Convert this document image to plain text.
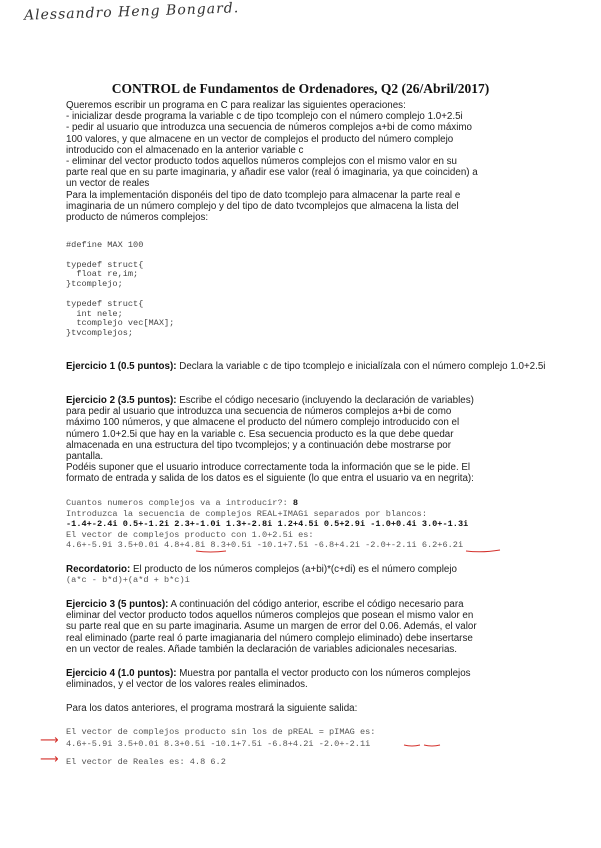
Alessandro Heng Bongard.
CONTROL de Fundamentos de Ordenadores, Q2 (26/Abril/2017)

Queremos escribir un programa en C para realizar las siguientes operaciones:

- inicializar desde programa la variable c de tipo tcomplejo con el número complejo 1.0+2.5i

- pedir al usuario que introduzca una secuencia de números complejos a+bi de como máximo

100 valores, y que almacene en un vector de complejos el producto del número complejo

introducido con el almacenado en la anterior variable c

- eliminar del vector producto todos aquellos números complejos con el mismo valor en su

parte real que en su parte imaginaria, y añadir ese valor (real ó imaginaria, ya que coinciden) a

un vector de reales

Para la implementación disponéis del tipo de dato tcomplejo para almacenar la parte real e

imaginaria de un número complejo y del tipo de dato tvcomplejos que almacena la lista del

producto de números complejos:

#define MAX 100

typedef struct{
float re,im;
}tcomplejo;

typedef struct{
int nele;
tcomplejo vec[MAX];
}tvcomplejos;

Ejercicio 1 (0.5 puntos): Declara la variable c de tipo tcomplejo e inicialízala con el número complejo 1.0+2.5i

Ejercicio 2 (3.5 puntos): Escribe el código necesario (incluyendo la declaración de variables)

para pedir al usuario que introduzca una secuencia de números complejos a+bi de como

máximo 100 números, y que almacene el producto del número complejo introducido con el

número 1.0+2.5i que hay en la variable c. Esa secuencia producto es la que debe quedar

almacenada en una estructura del tipo tvcomplejos; y a continuación debe mostrarse por

pantalla.

Podéis suponer que el usuario introduce correctamente toda la información que se le pide. El

formato de entrada y salida de los datos es el siguiente (lo que entra el usuario va en negrita):

Cuantos numeros complejos va a introducir?: 8

Introduzca la secuencia de complejos REAL+IMAGi separados por blancos:

-1.4+-2.4i 0.5+-1.2i 2.3+-1.0i 1.3+-2.8i 1.2+4.5i 0.5+2.9i -1.0+0.4i 3.0+-1.3i

El vector de complejos producto con 1.0+2.5i es:

4.6+-5.9i 3.5+0.0i 4.8+4.8i 8.3+0.5i -10.1+7.5i -6.8+4.2i -2.0+-2.1i 6.2+6.2i

Recordatorio: El producto de los números complejos (a+bi)*(c+di) es el número complejo

(a*c - b*d)+(a*d + b*c)i

Ejercicio 3 (5 puntos): A continuación del código anterior, escribe el código necesario para

eliminar del vector producto todos aquellos números complejos que posean el mismo valor en

su parte real que en su parte imaginaria. Asume un margen de error del 0.06. Además, el valor

real eliminado (parte real ó parte imagianaria del número complejo eliminado) debe insertarse

en un vector de reales. Añade también la declaración de variables adicionales necesarias.

Ejercicio 4 (1.0 puntos): Muestra por pantalla el vector producto con los números complejos

eliminados, y el vector de los valores reales eliminados.

Para los datos anteriores, el programa mostrará la siguiente salida:

El vector de complejos producto sin los de pREAL = pIMAG es:

4.6+-5.9i 3.5+0.0i 8.3+0.5i -10.1+7.5i -6.8+4.2i -2.0+-2.1i

El vector de Reales es: 4.8 6.2

⟶
⟶
